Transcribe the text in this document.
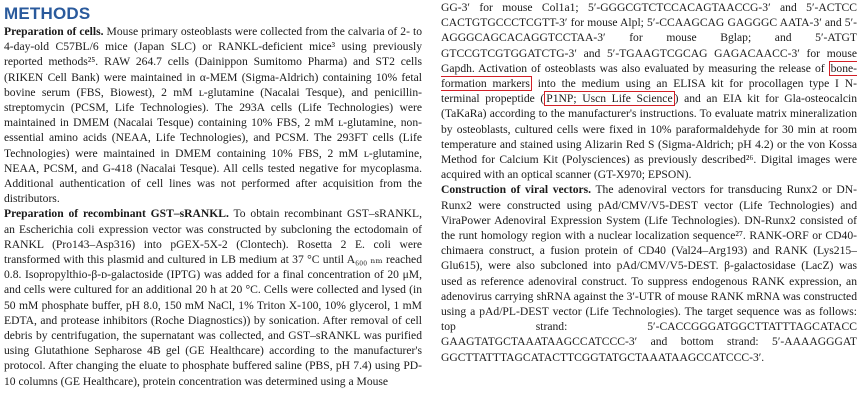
METHODS

Preparation of cells. Mouse primary osteoblasts were collected from the calvaria of 2- to 4-day-old C57BL/6 mice (Japan SLC) or RANKL-deficient mice³ using previously reported methods²⁵. RAW 264.7 cells (Dainippon Sumitomo Pharma) and ST2 cells (RIKEN Cell Bank) were maintained in α-MEM (Sigma-Aldrich) containing 10% fetal bovine serum (FBS, Biowest), 2 mM ʟ-glutamine (Nacalai Tesque), and penicillin-streptomycin (PCSM, Life Technologies). The 293A cells (Life Technologies) were maintained in DMEM (Nacalai Tesque) containing 10% FBS, 2 mM ʟ-glutamine, non-essential amino acids (NEAA, Life Technologies), and PCSM. The 293FT cells (Life Technologies) were maintained in DMEM containing 10% FBS, 2 mM ʟ-glutamine, NEAA, PCSM, and G-418 (Nacalai Tesque). All cells tested negative for mycoplasma. Additional authentication of cell lines was not performed after acquisition from the distributors.

Preparation of recombinant GST–sRANKL. To obtain recombinant GST–sRANKL, an Escherichia coli expression vector was constructed by subcloning the ectodomain of RANKL (Pro143–Asp316) into pGEX-5X-2 (Clontech). Rosetta 2 E. coli were transformed with this plasmid and cultured in LB medium at 37 °C until A₆₀₀ ₙₘ reached 0.8. Isopropylthio-β-ᴅ-galactoside (IPTG) was added for a final concentration of 20 μM, and cells were cultured for an additional 20 h at 20 °C. Cells were collected and lysed (in 50 mM phosphate buffer, pH 8.0, 150 mM NaCl, 1% Triton X-100, 10% glycerol, 1 mM EDTA, and protease inhibitors (Roche Diagnostics)) by sonication. After removal of cell debris by centrifugation, the supernatant was collected, and GST–sRANKL was purified using Glutathione Sepharose 4B gel (GE Healthcare) according to the manufacturer's protocol. After changing the eluate to phosphate buffered saline (PBS, pH 7.4) using PD-10 columns (GE Healthcare), protein concentration was determined using a Mouse

GG-3′ for mouse Col1a1; 5′-GGGCGTCTCCACAGTAACCG-3′ and 5′-ACTCC CACTGTGCCCTCGTT-3′ for mouse Alpl; 5′-CCAAGCAG GAGGGC AATA-3′ and 5′-AGGGCAGCACAGGTCCTAA-3′ for mouse Bglap; and 5′-ATGT GTCCGTCGTGGATCTG-3′ and 5′-TGAAGTCGCAG GAGACAACC-3′ for mouse Gapdh. Activation of osteoblasts was also evaluated by measuring the release of bone-formation markers into the medium using an ELISA kit for procollagen type I N-terminal propeptide ( P1NP; Uscn Life Science ) and an EIA kit for Gla-osteocalcin (TaKaRa) according to the manufacturer's instructions. To evaluate matrix mineralization by osteoblasts, cultured cells were fixed in 10% paraformaldehyde for 30 min at room temperature and stained using Alizarin Red S (Sigma-Aldrich; pH 4.2) or the von Kossa Method for Calcium Kit (Polysciences) as previously described²⁶. Digital images were acquired with an optical scanner (GT-X970; EPSON).

Construction of viral vectors. The adenoviral vectors for transducing Runx2 or DN-Runx2 were constructed using pAd/CMV/V5-DEST vector (Life Technologies) and ViraPower Adenoviral Expression System (Life Technologies). DN-Runx2 consisted of the runt homology region with a nuclear localization sequence²⁷. RANK-ORF or CD40-chimaera construct, a fusion protein of CD40 (Val24–Arg193) and RANK (Lys215–Glu615), were also subcloned into pAd/CMV/V5-DEST. β-galactosidase (LacZ) was used as reference adenoviral construct. To suppress endogenous RANK expression, an adenovirus carrying shRNA against the 3′-UTR of mouse RANK mRNA was constructed using a pAd/PL-DEST vector (Life Technologies). The target sequence was as follows: top strand: 5′-CACCGGGATGGCTTATTTAGCATACC GAAGTATGCTAAATAAGCCATCCC-3′ and bottom strand: 5′-AAAAGGGAT GGCTTATTTAGCATACTTCGGTATGCTAAATAAGCCATCCC-3′.
